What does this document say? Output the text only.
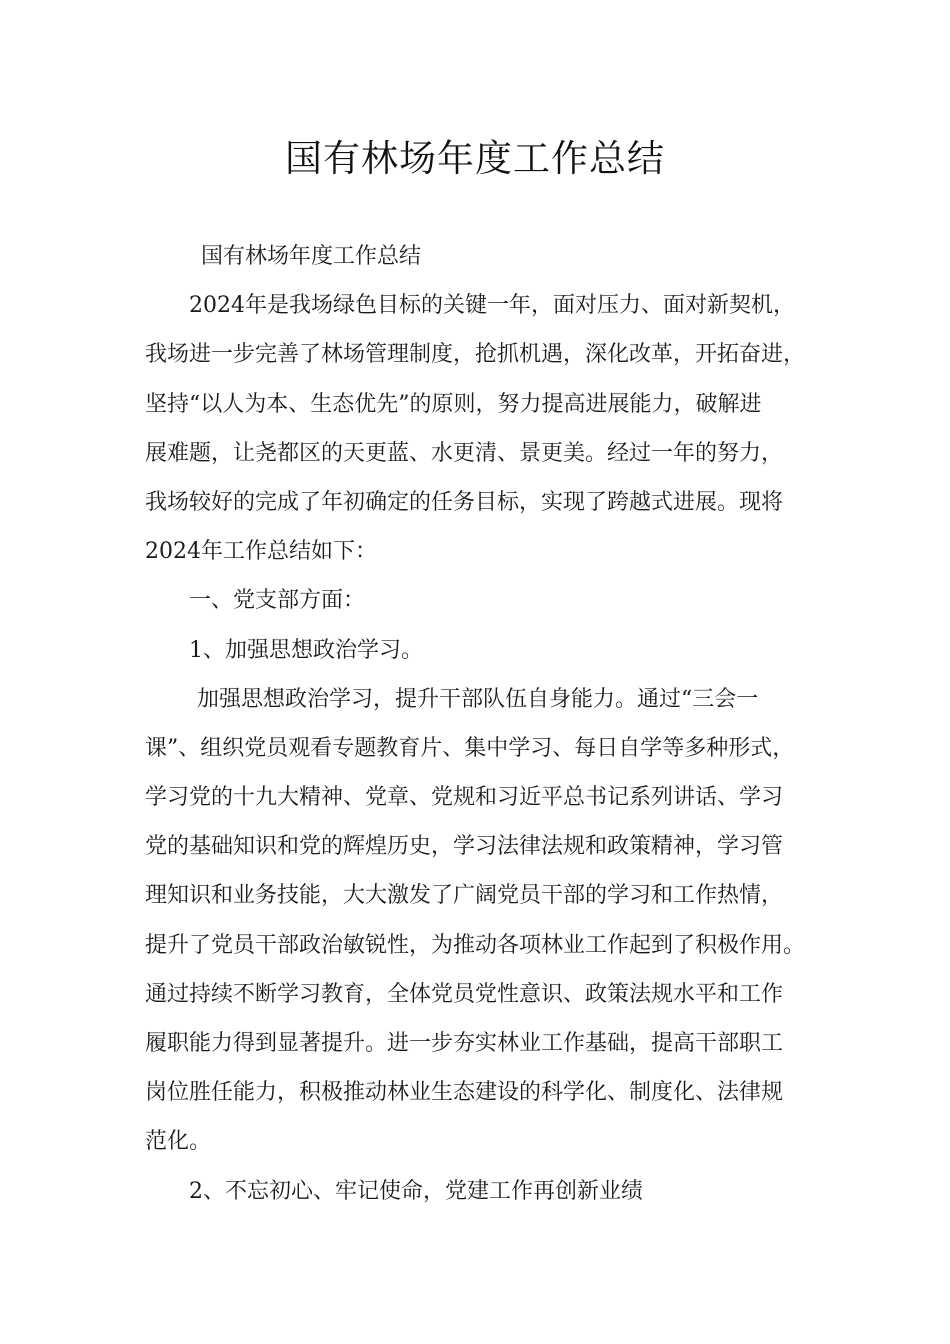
国有林场年度工作总结
国有林场年度工作总结
2024年是我场绿色目标的关键一年，面对压力、面对新契机，
我场进一步完善了林场管理制度，抢抓机遇，深化改革，开拓奋进，
坚持“以人为本、生态优先”的原则，努力提高进展能力，破解进
展难题，让尧都区的天更蓝、水更清、景更美。经过一年的努力，
我场较好的完成了年初确定的任务目标，实现了跨越式进展。现将
2024年工作总结如下：
一、党支部方面：
1、加强思想政治学习。
加强思想政治学习，提升干部队伍自身能力。通过“三会一
课”、组织党员观看专题教育片、集中学习、每日自学等多种形式，
学习党的十九大精神、党章、党规和习近平总书记系列讲话、学习
党的基础知识和党的辉煌历史，学习法律法规和政策精神，学习管
理知识和业务技能，大大激发了广阔党员干部的学习和工作热情，
提升了党员干部政治敏锐性，为推动各项林业工作起到了积极作用。
通过持续不断学习教育，全体党员党性意识、政策法规水平和工作
履职能力得到显著提升。进一步夯实林业工作基础，提高干部职工
岗位胜任能力，积极推动林业生态建设的科学化、制度化、法律规
范化。
2、不忘初心、牢记使命，党建工作再创新业绩
